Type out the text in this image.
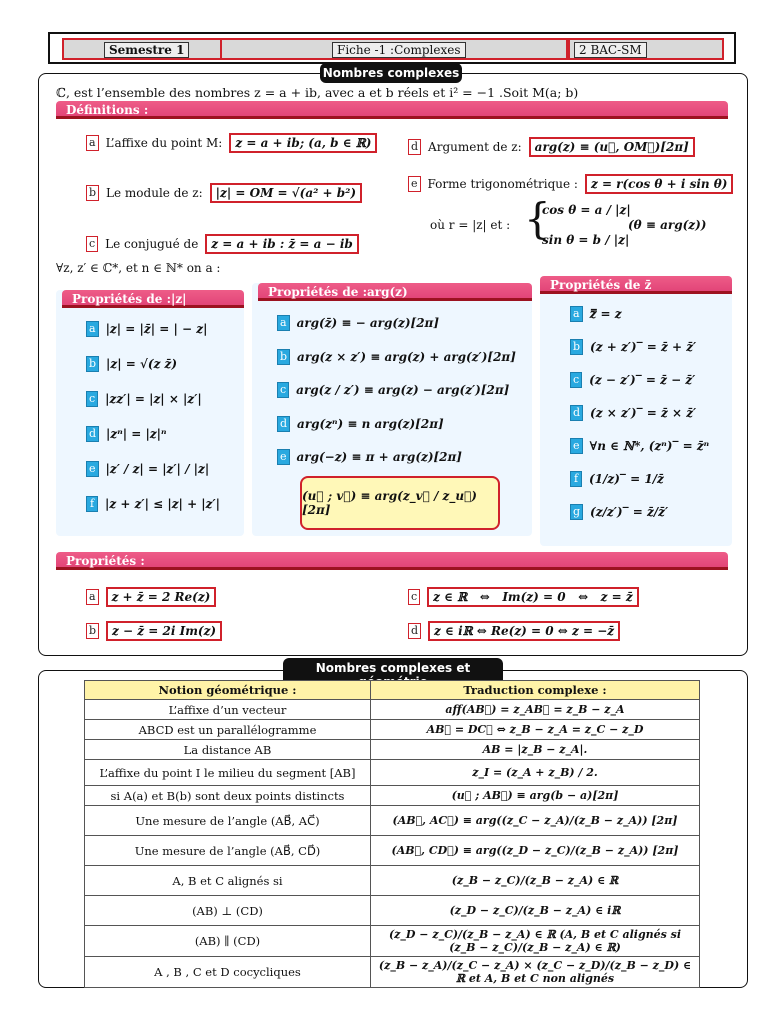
Semestre 1	Fiche -1 :Complexes	2 BAC-SM
Nombres complexes
ℂ, est l’ensemble des nombres z = a + ib, avec a et b réels et i² = −1 .Soit M(a; b)
Définitions :
a L’affixe du point M:	z = a + ib; (a, b ∈ ℝ)
b Le module de z:	|z| = OM = √(a² + b²)
c Le conjugué de	z = a + ib : z̄ = a − ib
d Argument de z:	arg(z) ≡ (u⃗, OM⃗)[2π]
e Forme trigonométrique :	z = r(cos θ + i sin θ)
où r = |z| et : {
cos θ = a / |z|
sin θ = b / |z|
(θ ≡ arg(z))
∀z, z′ ∈ ℂ*, et n ∈ ℕ* on a :
Propriétés de :|z|
a |z| = |z̄| = | − z|
b |z| = √(z z̄)
c |zz′| = |z| × |z′|
d |zⁿ| = |z|ⁿ
e |z′ / z| = |z′| / |z|
f |z + z′| ≤ |z| + |z′|
Propriétés de :arg(z)
a arg(z̄) ≡ − arg(z)[2π]
b arg(z × z′) ≡ arg(z) + arg(z′)[2π]
c arg(z / z′) ≡ arg(z) − arg(z′)[2π]
d arg(zⁿ) ≡ n arg(z)[2π]
e arg(−z) ≡ π + arg(z)[2π]
(u⃗ ; v⃗) ≡ arg(z_v⃗ / z_u⃗) [2π]
Propriétés de z̄
a z̿ = z
b (z + z′)‾ = z̄ + z̄′
c (z − z′)‾ = z̄ − z̄′
d (z × z′)‾ = z̄ × z̄′
e ∀n ∈ ℕ*, (zⁿ)‾ = z̄ⁿ
f (1/z)‾ = 1/z̄
g (z/z′)‾ = z̄/z̄′
Propriétés :
a	z + z̄ = 2 Re(z)
b	z − z̄ = 2i Im(z)
c	z ∈ ℝ   ⇔   Im(z) = 0   ⇔   z = z̄
d	z ∈ iℝ ⇔ Re(z) = 0 ⇔ z = −z̄
Nombres complexes et
Notion géométrique :	Traduction complexe :
L’affixe d’un vecteur	aff(AB⃗) = z_AB⃗ = z_B − z_A
ABCD est un parallélogramme	AB⃗ = DC⃗ ⇔ z_B − z_A = z_C − z_D
La distance AB	AB = |z_B − z_A|.
L’affixe du point I le milieu du segment [AB]	z_I = (z_A + z_B) / 2.
si A(a) et B(b) sont deux points distincts	(u⃗ ; AB⃗) ≡ arg(b − a)[2π]
Une mesure de l’angle (AB⃗, AC⃗)	(AB⃗, AC⃗) ≡ arg((z_C − z_A)/(z_B − z_A)) [2π]
Une mesure de l’angle (AB⃗, CD⃗)	(AB⃗, CD⃗) ≡ arg((z_D − z_C)/(z_B − z_A)) [2π]
A, B et C alignés si	(z_B − z_C)/(z_B − z_A) ∈ ℝ
(AB) ⊥ (CD)	(z_D − z_C)/(z_B − z_A) ∈ iℝ
(AB) ∥ (CD)	(z_D − z_C)/(z_B − z_A) ∈ ℝ (A, B et C alignés si (z_B − z_C)/(z_B − z_A) ∈ ℝ)
A , B , C et D cocycliques	(z_B − z_A)/(z_C − z_A) × (z_C − z_D)/(z_B − z_D) ∈ ℝ et A, B et C non alignés
